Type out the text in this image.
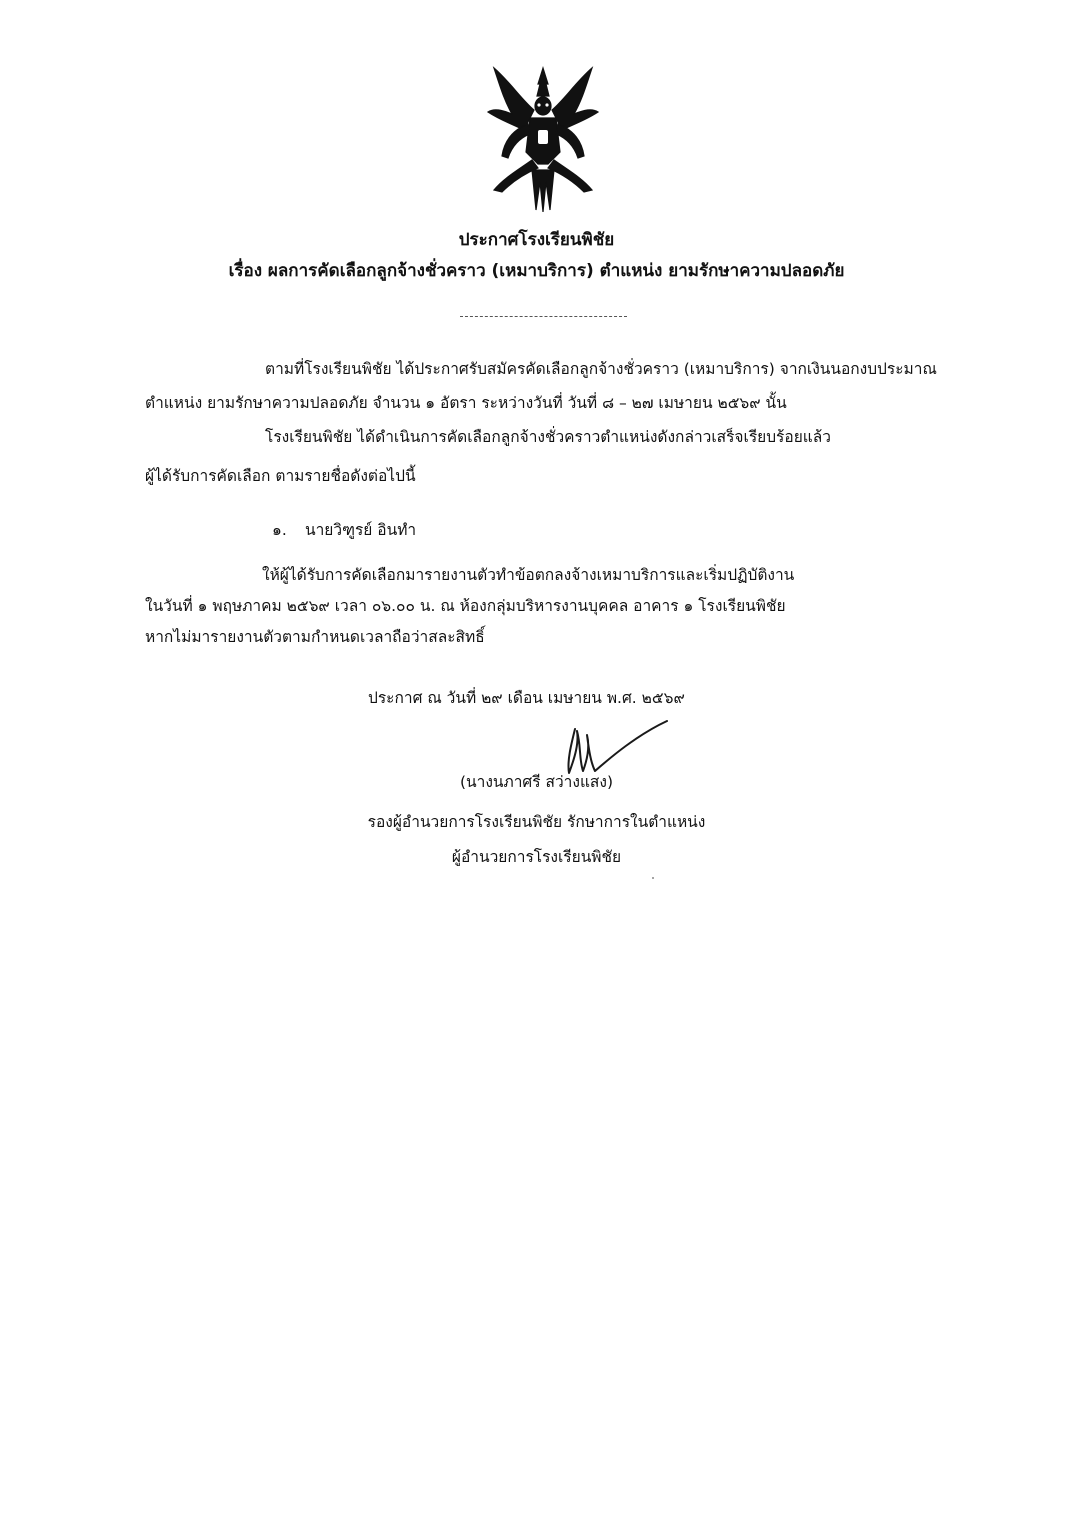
ประกาศโรงเรียนพิชัย
เรื่อง ผลการคัดเลือกลูกจ้างชั่วคราว (เหมาบริการ) ตำแหน่ง ยามรักษาความปลอดภัย
ตามที่โรงเรียนพิชัย ได้ประกาศรับสมัครคัดเลือกลูกจ้างชั่วคราว (เหมาบริการ) จากเงินนอกงบประมาณ
ตำแหน่ง ยามรักษาความปลอดภัย จำนวน ๑ อัตรา ระหว่างวันที่ วันที่ ๘ – ๒๗ เมษายน ๒๕๖๙ นั้น
โรงเรียนพิชัย ได้ดำเนินการคัดเลือกลูกจ้างชั่วคราวตำแหน่งดังกล่าวเสร็จเรียบร้อยแล้ว
ผู้ได้รับการคัดเลือก ตามรายชื่อดังต่อไปนี้
๑. นายวิฑูรย์ อินทำ
ให้ผู้ได้รับการคัดเลือกมารายงานตัวทำข้อตกลงจ้างเหมาบริการและเริ่มปฏิบัติงาน
ในวันที่ ๑ พฤษภาคม ๒๕๖๙ เวลา ๐๖.๐๐ น. ณ ห้องกลุ่มบริหารงานบุคคล อาคาร ๑ โรงเรียนพิชัย
หากไม่มารายงานตัวตามกำหนดเวลาถือว่าสละสิทธิ์
ประกาศ ณ วันที่ ๒๙ เดือน เมษายน พ.ศ. ๒๕๖๙
(นางนภาศรี สว่างแสง)
รองผู้อำนวยการโรงเรียนพิชัย รักษาการในตำแหน่ง
ผู้อำนวยการโรงเรียนพิชัย
